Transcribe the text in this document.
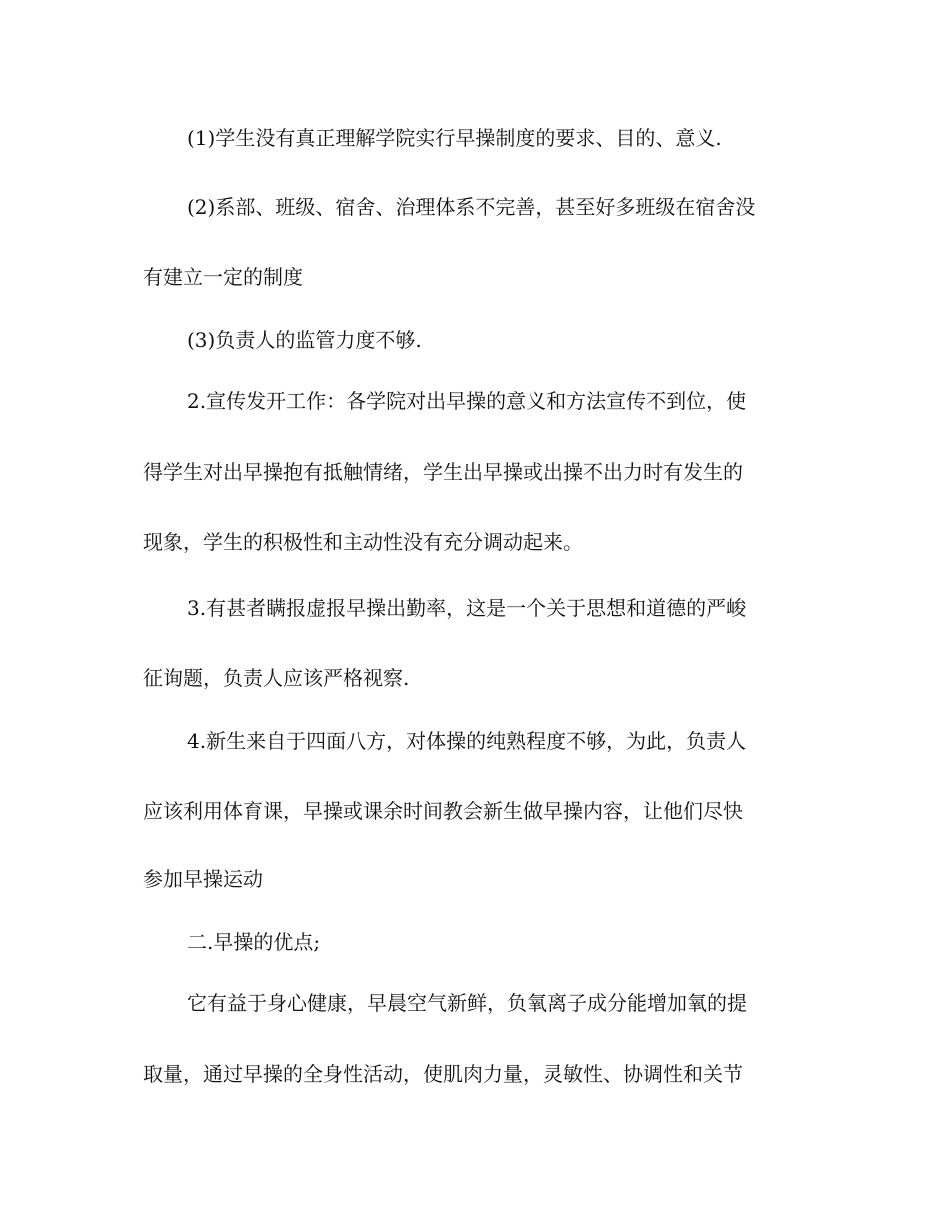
(1)学生没有真正理解学院实行早操制度的要求、目的、意义.
(2)系部、班级、宿舍、治理体系不完善，甚至好多班级在宿舍没
有建立一定的制度
(3)负责人的监管力度不够.
2.宣传发开工作：各学院对出早操的意义和方法宣传不到位，使
得学生对出早操抱有抵触情绪，学生出早操或出操不出力时有发生的
现象，学生的积极性和主动性没有充分调动起来。
3.有甚者瞒报虚报早操出勤率，这是一个关于思想和道德的严峻
征询题，负责人应该严格视察.
4.新生来自于四面八方，对体操的纯熟程度不够，为此，负责人
应该利用体育课，早操或课余时间教会新生做早操内容，让他们尽快
参加早操运动
二.早操的优点;
它有益于身心健康，早晨空气新鲜，负氧离子成分能增加氧的提
取量，通过早操的全身性活动，使肌肉力量，灵敏性、协调性和关节
